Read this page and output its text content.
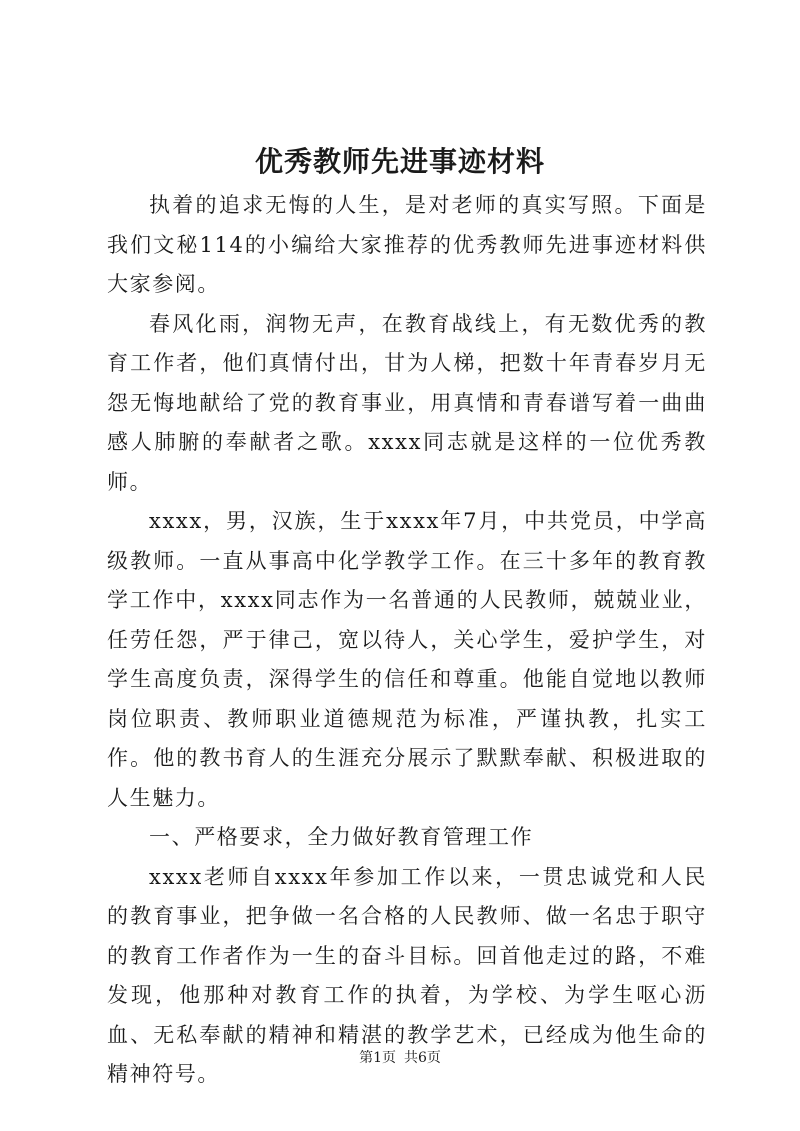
优秀教师先进事迹材料

执着的追求无悔的人生，是对老师的真实写照。下面是我们文秘114的小编给大家推荐的优秀教师先进事迹材料供大家参阅。

春风化雨，润物无声，在教育战线上，有无数优秀的教育工作者，他们真情付出，甘为人梯，把数十年青春岁月无怨无悔地献给了党的教育事业，用真情和青春谱写着一曲曲感人肺腑的奉献者之歌。xxxx同志就是这样的一位优秀教师。

xxxx，男，汉族，生于xxxx年7月，中共党员，中学高级教师。一直从事高中化学教学工作。在三十多年的教育教学工作中，xxxx同志作为一名普通的人民教师，兢兢业业，任劳任怨，严于律己，宽以待人，关心学生，爱护学生，对学生高度负责，深得学生的信任和尊重。他能自觉地以教师岗位职责、教师职业道德规范为标准，严谨执教，扎实工作。他的教书育人的生涯充分展示了默默奉献、积极进取的人生魅力。

一、严格要求，全力做好教育管理工作

xxxx老师自xxxx年参加工作以来，一贯忠诚党和人民的教育事业，把争做一名合格的人民教师、做一名忠于职守的教育工作者作为一生的奋斗目标。回首他走过的路，不难发现，他那种对教育工作的执着，为学校、为学生呕心沥血、无私奉献的精神和精湛的教学艺术，已经成为他生命的精神符号。

第1页 共6页
